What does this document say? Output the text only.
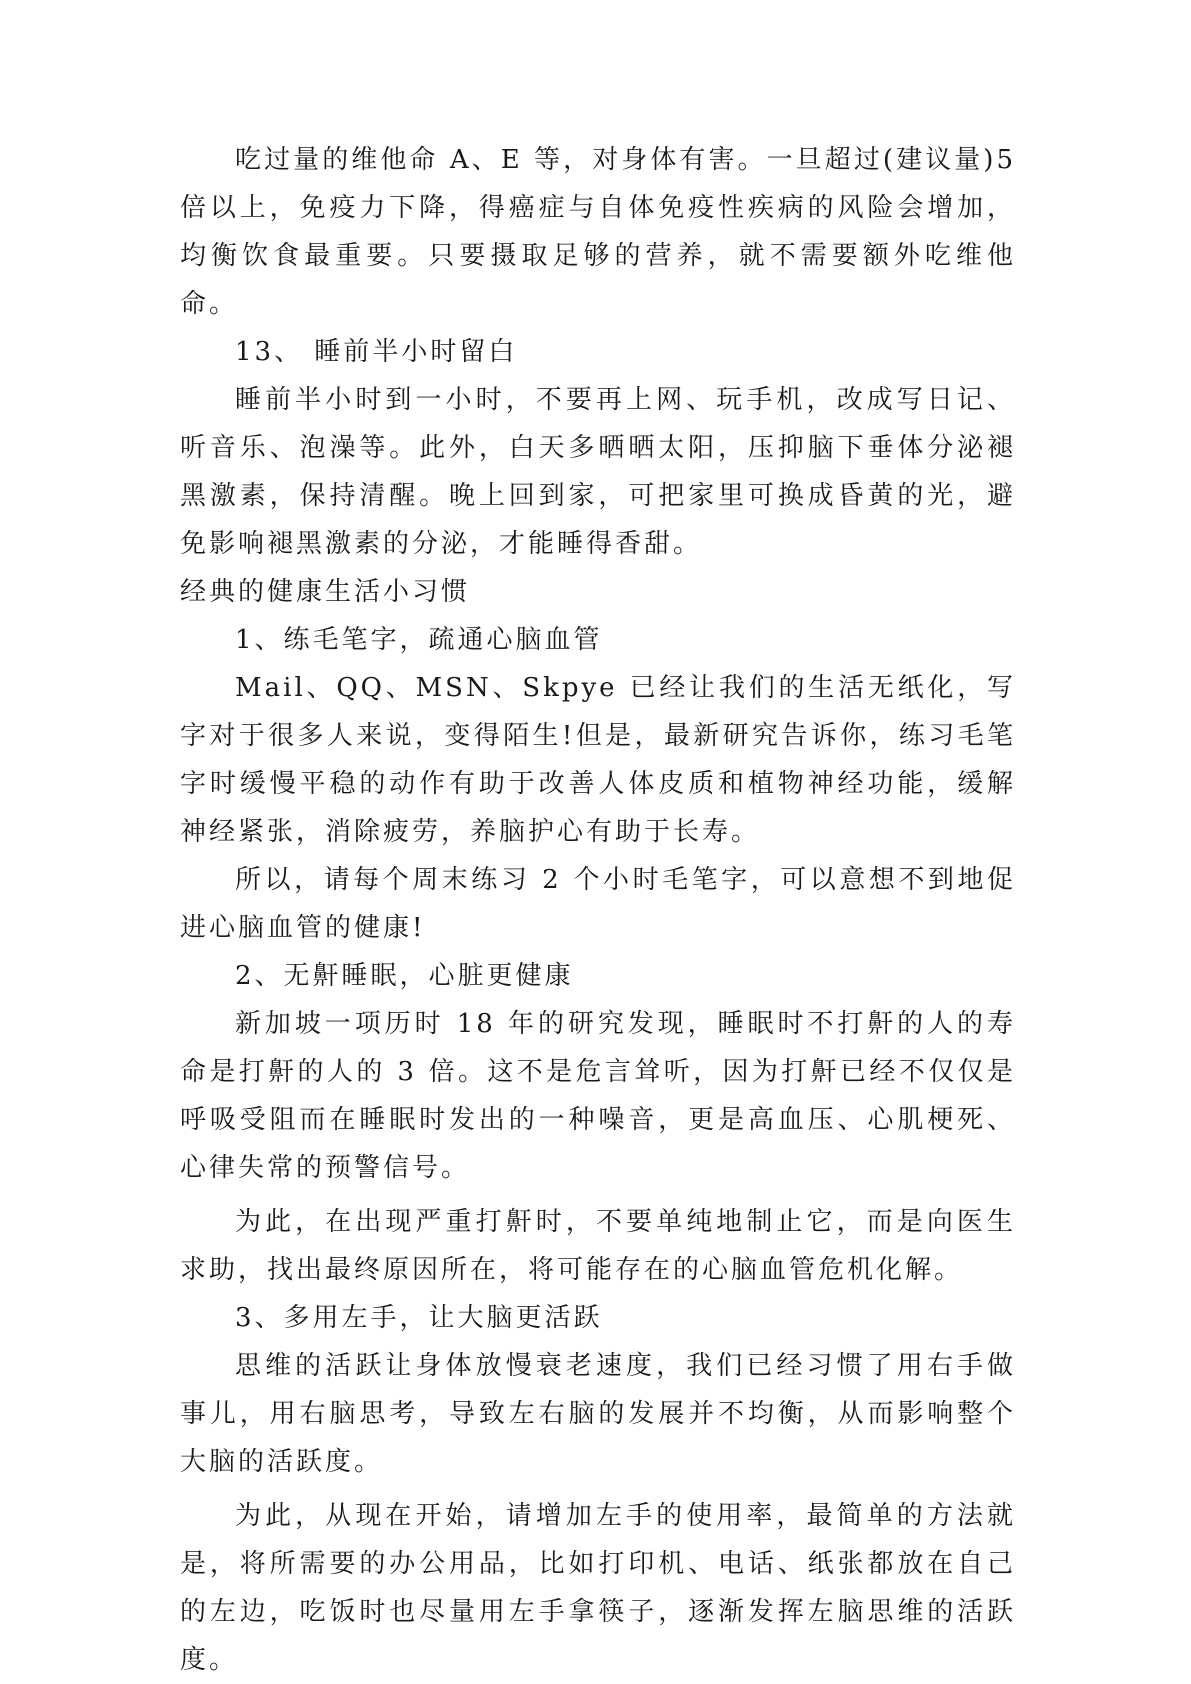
吃过量的维他命 A、E 等，对身体有害。一旦超过(建议量)5 倍以上，免疫力下降，得癌症与自体免疫性疾病的风险会增加，均衡饮食最重要。只要摄取足够的营养，就不需要额外吃维他命。

13、 睡前半小时留白

睡前半小时到一小时，不要再上网、玩手机，改成写日记、听音乐、泡澡等。此外，白天多晒晒太阳，压抑脑下垂体分泌褪黑激素，保持清醒。晚上回到家，可把家里可换成昏黄的光，避免影响褪黑激素的分泌，才能睡得香甜。

经典的健康生活小习惯

1、练毛笔字，疏通心脑血管

Mail、QQ、MSN、Skpye 已经让我们的生活无纸化，写字对于很多人来说，变得陌生!但是，最新研究告诉你，练习毛笔字时缓慢平稳的动作有助于改善人体皮质和植物神经功能，缓解神经紧张，消除疲劳，养脑护心有助于长寿。

所以，请每个周末练习 2 个小时毛笔字，可以意想不到地促进心脑血管的健康!

2、无鼾睡眠，心脏更健康

新加坡一项历时 18 年的研究发现，睡眠时不打鼾的人的寿命是打鼾的人的 3 倍。这不是危言耸听，因为打鼾已经不仅仅是呼吸受阻而在睡眠时发出的一种噪音，更是高血压、心肌梗死、心律失常的预警信号。

为此，在出现严重打鼾时，不要单纯地制止它，而是向医生求助，找出最终原因所在，将可能存在的心脑血管危机化解。

3、多用左手，让大脑更活跃

思维的活跃让身体放慢衰老速度，我们已经习惯了用右手做事儿，用右脑思考，导致左右脑的发展并不均衡，从而影响整个大脑的活跃度。

为此，从现在开始，请增加左手的使用率，最简单的方法就是，将所需要的办公用品，比如打印机、电话、纸张都放在自己的左边，吃饭时也尽量用左手拿筷子，逐渐发挥左脑思维的活跃度。
